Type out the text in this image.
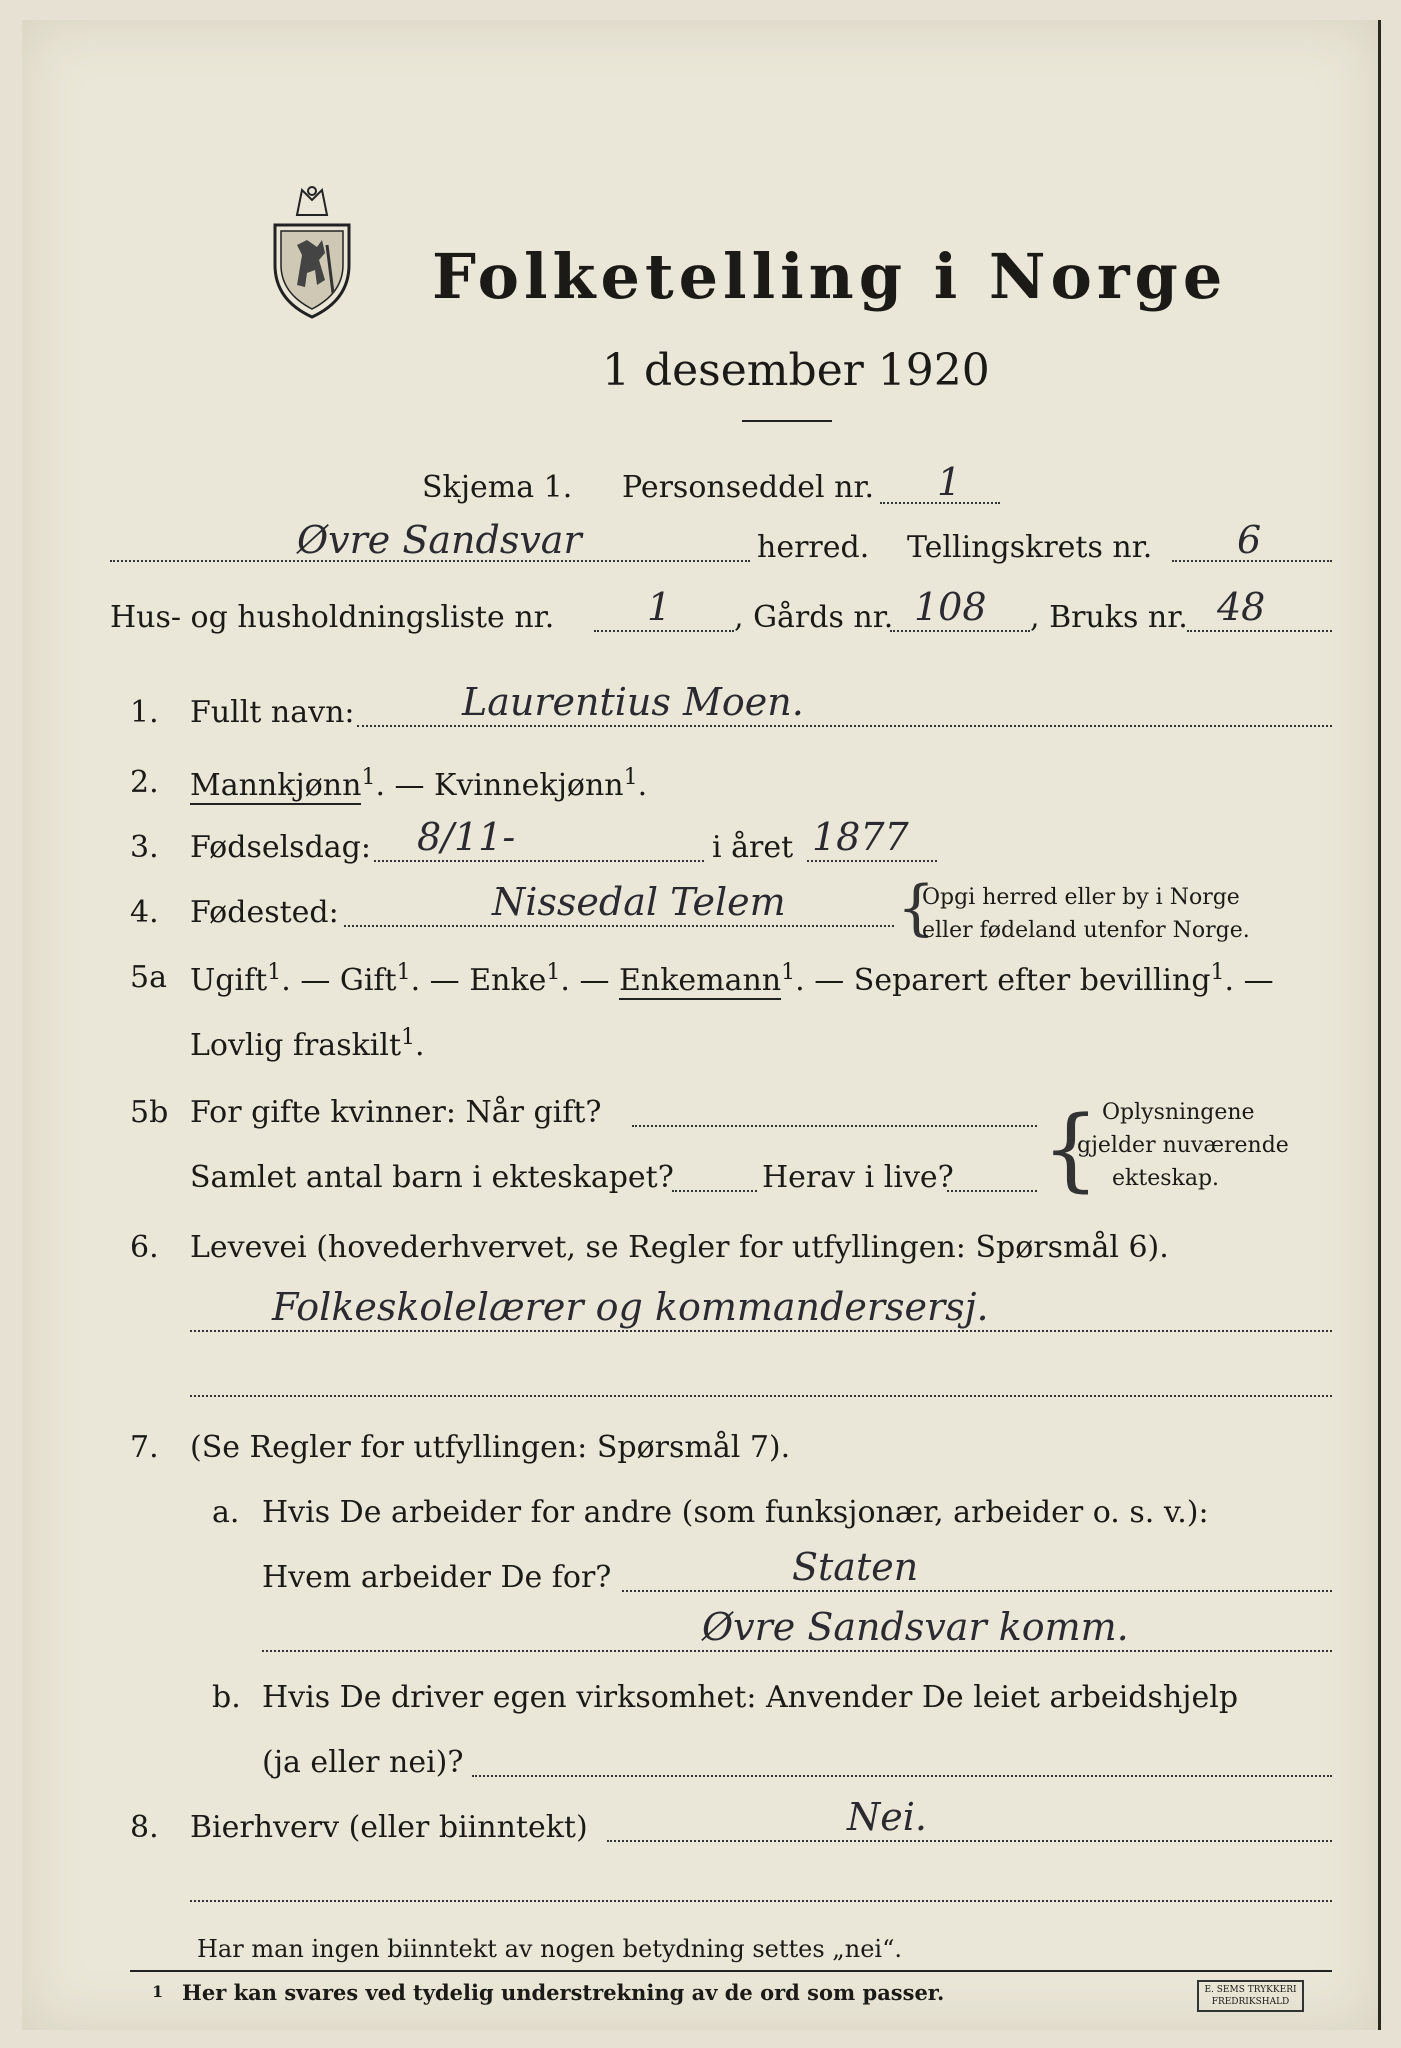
Folketelling i Norge
1 desember 1920
Skjema 1. Personseddel nr. 1
Øvre Sandsvar	herred. Tellingskrets nr. 6
Hus- og husholdningsliste nr. 1 , Gårds nr. 108 , Bruks nr. 48
1. Fullt navn:	Laurentius Moen.
2. Mannkjønn$^1$. — Kvinnekjønn$^1$.
3. Fødselsdag: 8/11-	i året 1877
4. Fødested:	Nissedal Telem {
Opgi herred eller by i Norge
eller fødeland utenfor Norge.
5a Ugift$^1$. — Gift$^1$. — Enke$^1$. — Enkemann$^1$. — Separert efter bevilling$^1$. —
Lovlig fraskilt$^1$.
5b For gifte kvinner: Når gift?
Samlet antal barn i ekteskapet?	Herav i live? { Oplysningene
gjelder nuværende
ekteskap.
6. Levevei (hovederhvervet, se Regler for utfyllingen: Spørsmål 6).
Folkeskolelærer og kommandersersj.
7. (Se Regler for utfyllingen: Spørsmål 7).
a. Hvis De arbeider for andre (som funksjonær, arbeider o. s. v.):
Hvem arbeider De for?	Staten
Øvre Sandsvar komm.
b. Hvis De driver egen virksomhet: Anvender De leiet arbeidshjelp
(ja eller nei)?
8. Bierhverv (eller biinntekt)	Nei.
Har man ingen biinntekt av nogen betydning settes „nei“.
1 Her kan svares ved tydelig understrekning av de ord som passer.	E. SEMS TRYKKERI FREDRIKSHALD
